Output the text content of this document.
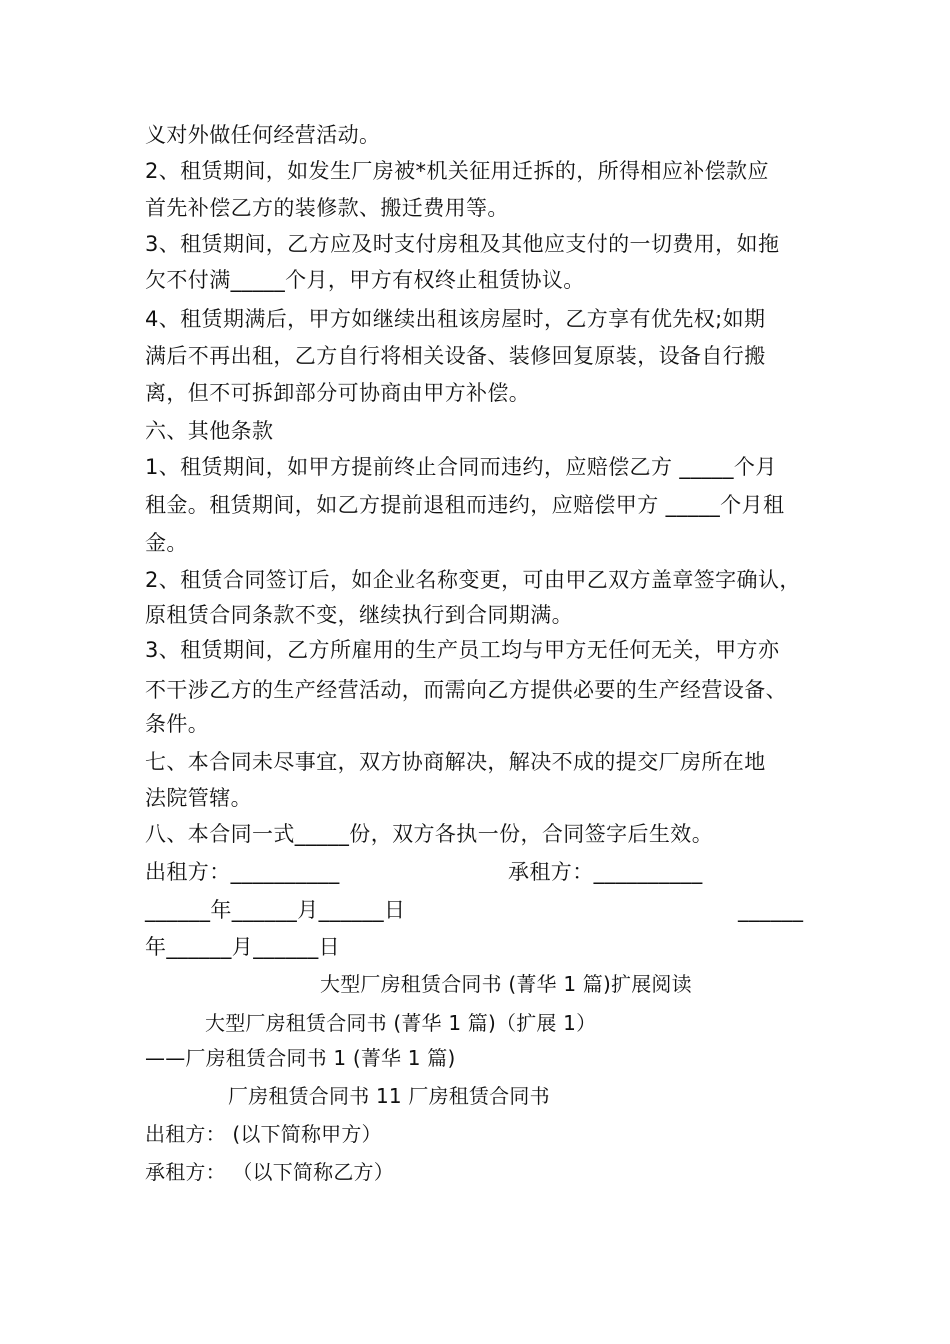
义对外做任何经营活动。
2、租赁期间，如发生厂房被*机关征用迁拆的，所得相应补偿款应
首先补偿乙方的装修款、搬迁费用等。
3、租赁期间，乙方应及时支付房租及其他应支付的一切费用，如拖
欠不付满_____个月，甲方有权终止租赁协议。
4、租赁期满后，甲方如继续出租该房屋时，乙方享有优先权;如期
满后不再出租，乙方自行将相关设备、装修回复原装，设备自行搬
离，但不可拆卸部分可协商由甲方补偿。
六、其他条款
1、租赁期间，如甲方提前终止合同而违约，应赔偿乙方 _____个月
租金。租赁期间，如乙方提前退租而违约，应赔偿甲方 _____个月租
金。
2、租赁合同签订后，如企业名称变更，可由甲乙双方盖章签字确认，
原租赁合同条款不变，继续执行到合同期满。
3、租赁期间，乙方所雇用的生产员工均与甲方无任何无关，甲方亦
不干涉乙方的生产经营活动，而需向乙方提供必要的生产经营设备、
条件。
七、本合同未尽事宜，双方协商解决，解决不成的提交厂房所在地
法院管辖。
八、本合同一式_____份，双方各执一份，合同签字后生效。
出租方：__________	承租方：__________
______年______月______日	______
年______月______日
大型厂房租赁合同书 (菁华 1 篇)扩展阅读
大型厂房租赁合同书 (菁华 1 篇)（扩展 1）
——厂房租赁合同书 1 (菁华 1 篇)
厂房租赁合同书 11 厂房租赁合同书
出租方： (以下简称甲方）
承租方： （以下简称乙方）
